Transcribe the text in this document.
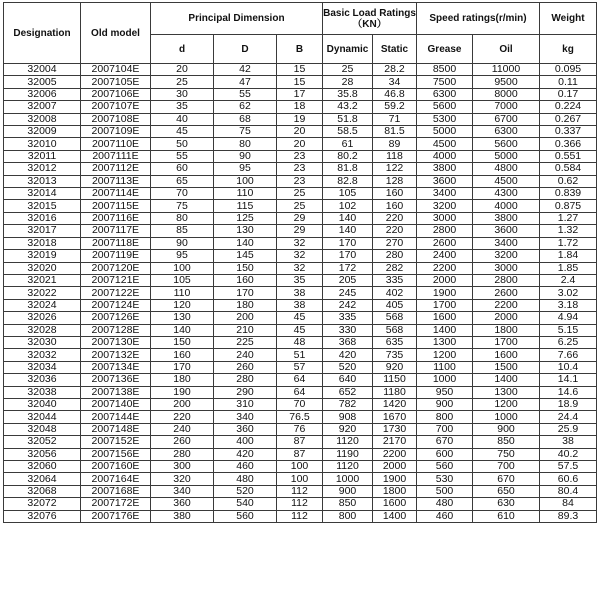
Designation	Old model	Principal Dimension			Basic Load Ratings（KN）		Speed ratings(r/min)		Weight
		d	D	B	Dynamic	Static	Grease	Oil	kg
32004	2007104E	20	42	15	25	28.2	8500	11000	0.095
32005	2007105E	25	47	15	28	34	7500	9500	0.11
32006	2007106E	30	55	17	35.8	46.8	6300	8000	0.17
32007	2007107E	35	62	18	43.2	59.2	5600	7000	0.224
32008	2007108E	40	68	19	51.8	71	5300	6700	0.267
32009	2007109E	45	75	20	58.5	81.5	5000	6300	0.337
32010	2007110E	50	80	20	61	89	4500	5600	0.366
32011	2007111E	55	90	23	80.2	118	4000	5000	0.551
32012	2007112E	60	95	23	81.8	122	3800	4800	0.584
32013	2007113E	65	100	23	82.8	128	3600	4500	0.62
32014	2007114E	70	110	25	105	160	3400	4300	0.839
32015	2007115E	75	115	25	102	160	3200	4000	0.875
32016	2007116E	80	125	29	140	220	3000	3800	1.27
32017	2007117E	85	130	29	140	220	2800	3600	1.32
32018	2007118E	90	140	32	170	270	2600	3400	1.72
32019	2007119E	95	145	32	170	280	2400	3200	1.84
32020	2007120E	100	150	32	172	282	2200	3000	1.85
32021	2007121E	105	160	35	205	335	2000	2800	2.4
32022	2007122E	110	170	38	245	402	1900	2600	3.02
32024	2007124E	120	180	38	242	405	1700	2200	3.18
32026	2007126E	130	200	45	335	568	1600	2000	4.94
32028	2007128E	140	210	45	330	568	1400	1800	5.15
32030	2007130E	150	225	48	368	635	1300	1700	6.25
32032	2007132E	160	240	51	420	735	1200	1600	7.66
32034	2007134E	170	260	57	520	920	1100	1500	10.4
32036	2007136E	180	280	64	640	1150	1000	1400	14.1
32038	2007138E	190	290	64	652	1180	950	1300	14.6
32040	2007140E	200	310	70	782	1420	900	1200	18.9
32044	2007144E	220	340	76.5	908	1670	800	1000	24.4
32048	2007148E	240	360	76	920	1730	700	900	25.9
32052	2007152E	260	400	87	1120	2170	670	850	38
32056	2007156E	280	420	87	1190	2200	600	750	40.2
32060	2007160E	300	460	100	1120	2000	560	700	57.5
32064	2007164E	320	480	100	1000	1900	530	670	60.6
32068	2007168E	340	520	112	900	1800	500	650	80.4
32072	2007172E	360	540	112	850	1600	480	630	84
32076	2007176E	380	560	112	800	1400	460	610	89.3
